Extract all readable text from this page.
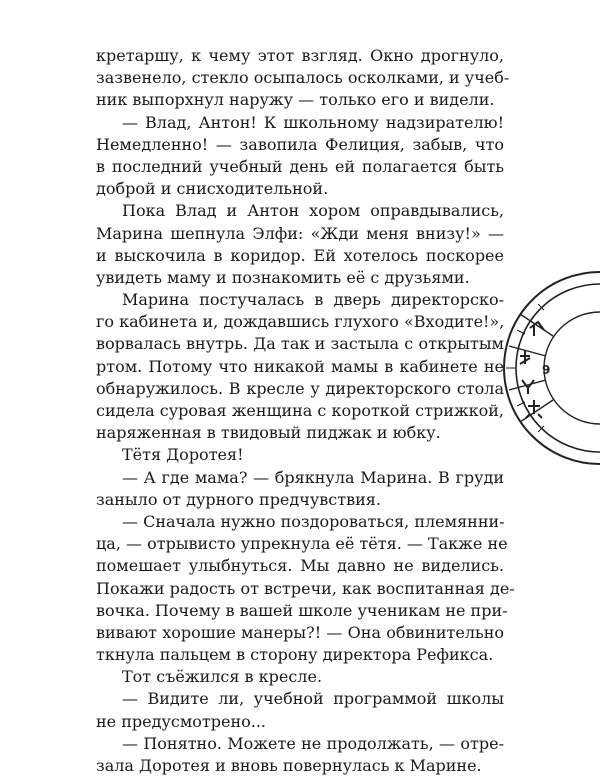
кретаршу, к чему этот взгляд. Окно дрогнуло,
зазвенело, стекло осыпалось осколками, и учеб-
ник выпорхнул наружу — только его и видели.
— Влад, Антон! К школьному надзирателю!
Немедленно! — завопила Фелиция, забыв, что
в последний учебный день ей полагается быть
доброй и снисходительной.
Пока Влад и Антон хором оправдывались,
Марина шепнула Элфи: «Жди меня внизу!» —
и выскочила в коридор. Ей хотелось поскорее
увидеть маму и познакомить её с друзьями.
Марина постучалась в дверь директорско-
го кабинета и, дождавшись глухого «Входите!»,
ворвалась внутрь. Да так и застыла с открытым
ртом. Потому что никакой мамы в кабинете не
обнаружилось. В кресле у директорского стола
сидела суровая женщина с короткой стрижкой,
наряженная в твидовый пиджак и юбку.
Тётя Доротея!
— А где мама? — брякнула Марина. В груди
заныло от дурного предчувствия.
— Сначала нужно поздороваться, племянни-
ца, — отрывисто упрекнула её тётя. — Также не
помешает улыбнуться. Мы давно не виделись.
Покажи радость от встречи, как воспитанная де-
вочка. Почему в вашей школе ученикам не при-
вивают хорошие манеры?! — Она обвинительно
ткнула пальцем в сторону директора Рефикса.
Тот съёжился в кресле.
— Видите ли, учебной программой школы
не предусмотрено...
— Понятно. Можете не продолжать, — отре-
зала Доротея и вновь повернулась к Марине.
9
